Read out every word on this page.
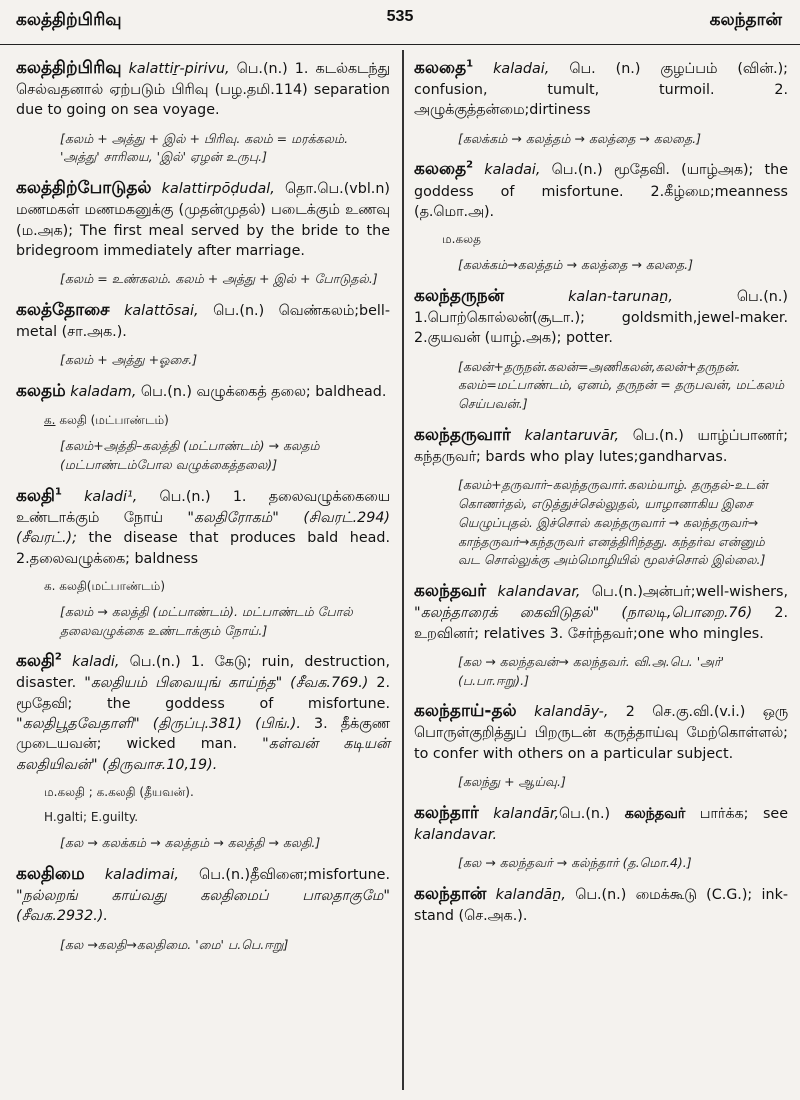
கலத்திற்பிரிவு	535	கலந்தான்
கலத்திற்பிரிவு kalattiṟ-pirivu, பெ.(n.) 1. கடல்கடந்து செல்வதனால் ஏற்படும் பிரிவு (பழ.தமி.114) separation due to going on sea voyage.
[கலம் + அத்து + இல் + பிரிவு. கலம் = மரக்கலம். 'அத்து' சாரியை, 'இல்' ஏழன் உருபு.]
கலத்திற்போடுதல் kalattirpōḍudal, தொ.பெ.(vbl.n) மணமகள் மணமகனுக்கு (முதன்முதல்) படைக்கும் உணவு (ம.அக); The first meal served by the bride to the bridegroom immediately after marriage.
[கலம் = உண்கலம். கலம் + அத்து + இல் + போடுதல்.]
கலத்தோசை kalattōsai, பெ.(n.) வெண்கலம்;bell-metal (சா.அக.).
[கலம் + அத்து +ஓசை.]
கலதம் kaladam, பெ.(n.) வழுக்கைத் தலை; baldhead.
க. கலதி (மட்பாண்டம்)
[கலம்+அத்தி–கலத்தி (மட்பாண்டம்) → கலதம் (மட்பாண்டம்போல வழுக்கைத்தலை)]
கலதி$^1$ kaladi¹, பெ.(n.) 1. தலைவழுக்கையை உண்டாக்கும் நோய் "கலதிரோகம்" (சிவரட்.294) (சீவரட்.); the disease that produces bald head. 2.தலைவழுக்கை; baldness
க. கலதி(மட்பாண்டம்)
[கலம் → கலத்தி (மட்பாண்டம்). மட்பாண்டம் போல் தலைவழுக்கை உண்டாக்கும் நோய்.]
கலதி$^2$ kaladi, பெ.(n.) 1. கேடு; ruin, destruction, disaster. "கலதியம் பிவையுங் காய்ந்த" (சீவக.769.) 2. மூதேவி; the goddess of misfortune. "கலதிபூதவேதாளி" (திருப்பு.381) (பிங்.). 3. தீக்குண முடையவன்; wicked man. "கள்வன் கடியன் கலதியிவன்" (திருவாச.10,19).
ம.கலதி ; க.கலதி (தீயவன்).
H.galti; E.guilty.
[கல → கலக்கம் → கலத்தம் → கலத்தி → கலதி.]
கலதிமை kaladimai, பெ.(n.)தீவினை;misfortune. "நல்லறங் காய்வது கலதிமைப் பாலதாகுமே" (சீவக.2932.).
[கல →கலதி→கலதிமை. 'மை' ப.பெ.ஈறு]
கலதை$^1$ kaladai, பெ. (n.) குழப்பம் (வின்.); confusion, tumult, turmoil. 2. அழுக்குத்தன்மை;dirtiness
[கலக்கம் → கலத்தம் → கலத்தை → கலதை.]
கலதை$^2$ kaladai, பெ.(n.) மூதேவி. (யாழ்அக); the goddess of misfortune. 2.கீழ்மை;meanness (த.மொ.அ).
ம.கலத
[கலக்கம்→கலத்தம் → கலத்தை → கலதை.]
கலந்தருநன்	kalan-tarunaṉ, பெ.(n.) 1.பொற்கொல்லன்(சூடா.); goldsmith,jewel-maker. 2.குயவன் (யாழ்.அக); potter.
[கலன்+தருநன்.கலன்=அணிகலன்,கலன்+தருநன். கலம்=மட்பாண்டம், ஏனம், தருநன் = தருபவன், மட்கலம் செய்பவன்.]
கலந்தருவார் kalantaruvār, பெ.(n.) யாழ்ப்பாணர்; கந்தருவர்; bards who play lutes;gandharvas.
[கலம்+தருவார்–கலந்தருவார்.கலம்யாழ். தருதல்-உடன் கொணர்தல், எடுத்துச்செல்லுதல், யாழானாகிய இசை யெழுப்புதல். இச்சொல் கலந்தருவார் → கலந்தருவர்→ காந்தருவர்→கந்தருவர் எனத்திரிந்தது. கந்தர்வ என்னும் வட சொல்லுக்கு அம்மொழியில் மூலச்சொல் இல்லை.]
கலந்தவர் kalandavar, பெ.(n.)அன்பர்;well-wishers, "கலந்தாரைக் கைவிடுதல்" (நாலடி,பொறை.76) 2. உறவினர்; relatives 3. சேர்ந்தவர்;one who mingles.
[கல → கலந்தவன்→ கலந்தவர். வி.அ.பெ. 'அர்' (ப.பா.ஈறு).]
கலந்தாய்-தல் kalandāy-, 2 செ.கு.வி.(v.i.) ஒரு பொருள்குறித்துப் பிறருடன் கருத்தாய்வு மேற்கொள்ளல்; to confer with others on a particular subject.
[கலந்து + ஆய்வு.]
கலந்தார் kalandār,பெ.(n.) கலந்தவர் பார்க்க; see kalandavar.
[கல → கலந்தவர் → கல்ந்தார் (த.மொ.4).]
கலந்தான் kalandāṉ, பெ.(n.) மைக்கூடு (C.G.); ink-stand (செ.அக.).
